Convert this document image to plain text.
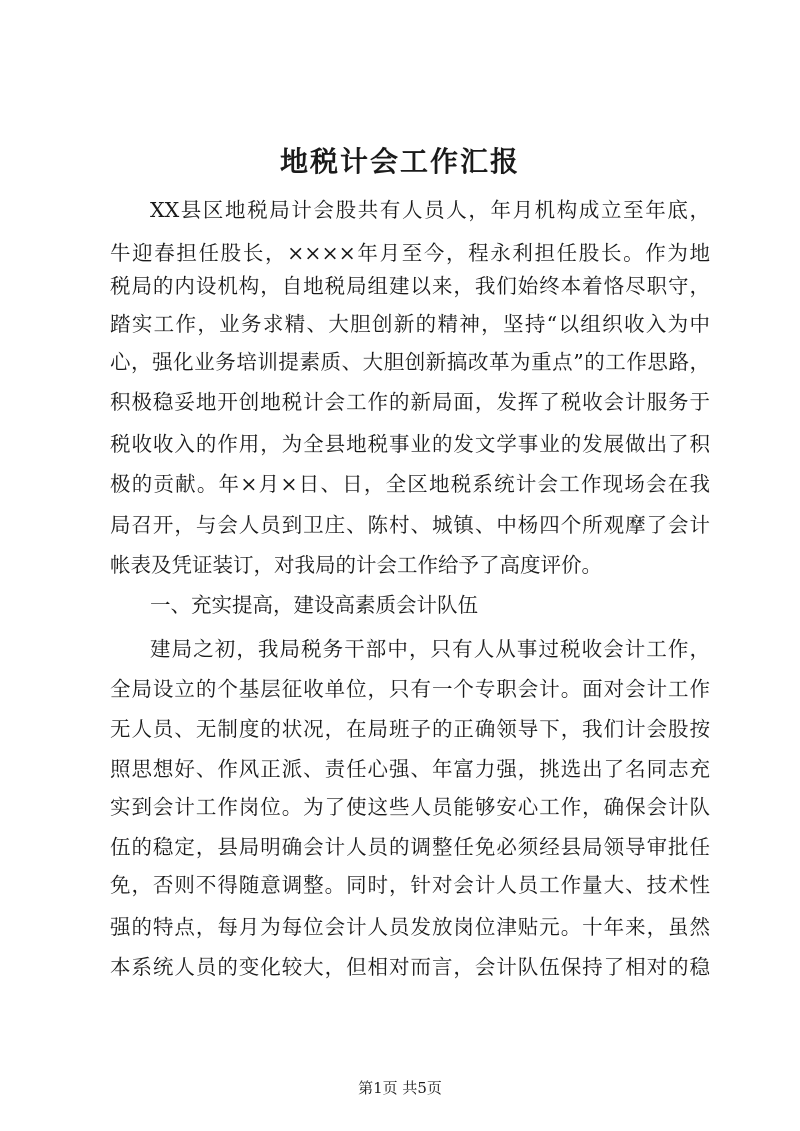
地税计会工作汇报
XX县区地税局计会股共有人员人，年月机构成立至年底，
牛迎春担任股长，××××年月至今，程永利担任股长。作为地
税局的内设机构，自地税局组建以来，我们始终本着恪尽职守，
踏实工作，业务求精、大胆创新的精神，坚持“以组织收入为中
心，强化业务培训提素质、大胆创新搞改革为重点”的工作思路，
积极稳妥地开创地税计会工作的新局面，发挥了税收会计服务于
税收收入的作用，为全县地税事业的发文学事业的发展做出了积
极的贡献。年×月×日、日，全区地税系统计会工作现场会在我
局召开，与会人员到卫庄、陈村、城镇、中杨四个所观摩了会计
帐表及凭证装订，对我局的计会工作给予了高度评价。
一、充实提高，建设高素质会计队伍
建局之初，我局税务干部中，只有人从事过税收会计工作，
全局设立的个基层征收单位，只有一个专职会计。面对会计工作
无人员、无制度的状况，在局班子的正确领导下，我们计会股按
照思想好、作风正派、责任心强、年富力强，挑选出了名同志充
实到会计工作岗位。为了使这些人员能够安心工作，确保会计队
伍的稳定，县局明确会计人员的调整任免必须经县局领导审批任
免，否则不得随意调整。同时，针对会计人员工作量大、技术性
强的特点，每月为每位会计人员发放岗位津贴元。十年来，虽然
本系统人员的变化较大，但相对而言，会计队伍保持了相对的稳
第1页 共5页
